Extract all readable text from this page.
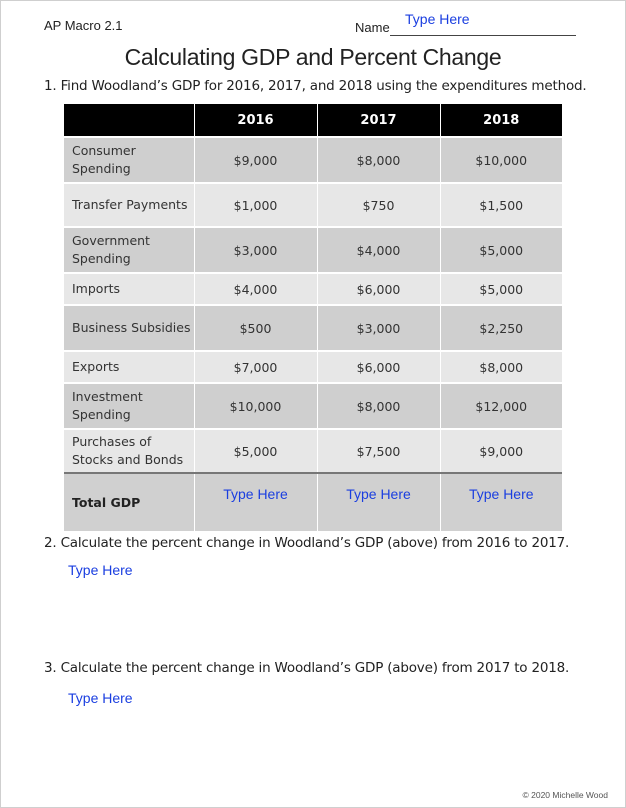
AP Macro 2.1	Name
Type Here
Calculating GDP and Percent Change
1. Find Woodland’s GDP for 2016, 2017, and 2018 using the expenditures method.
	2016	2017	2018
Consumer Spending	$9,000	$8,000	$10,000
Transfer Payments	$1,000	$750	$1,500
Government Spending	$3,000	$4,000	$5,000
Imports	$4,000	$6,000	$5,000
Business Subsidies	$500	$3,000	$2,250
Exports	$7,000	$6,000	$8,000
Investment Spending	$10,000	$8,000	$12,000
Purchases of Stocks and Bonds	$5,000	$7,500	$9,000
Total GDP	Type Here	Type Here	Type Here
2. Calculate the percent change in Woodland’s GDP (above) from 2016 to 2017.
Type Here
3. Calculate the percent change in Woodland’s GDP (above) from 2017 to 2018.
Type Here
© 2020 Michelle Wood
